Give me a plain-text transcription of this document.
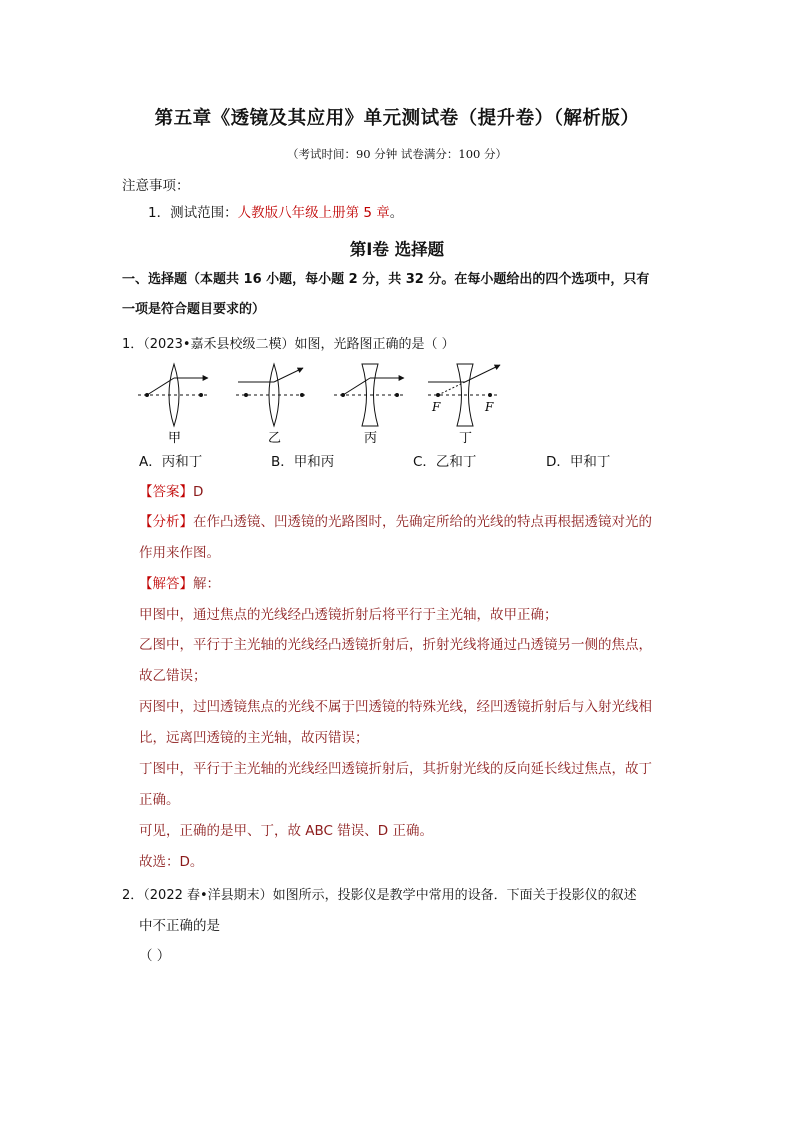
第五章《透镜及其应用》单元测试卷（提升卷）（解析版）
（考试时间：90 分钟 试卷满分：100 分）
注意事项：
1．测试范围：人教版八年级上册第 5 章。
第Ⅰ卷 选择题
一、选择题（本题共 16 小题，每小题 2 分，共 32 分。在每小题给出的四个选项中，只有
一项是符合题目要求的）
1．（2023•嘉禾县校级二模）如图，光路图正确的是（ ）
F	F
甲	乙	丙	丁
A．丙和丁	B．甲和丙	C．乙和丁	D．甲和丁
【答案】D
【分析】在作凸透镜、凹透镜的光路图时，先确定所给的光线的特点再根据透镜对光的
作用来作图。
【解答】解：
甲图中，通过焦点的光线经凸透镜折射后将平行于主光轴，故甲正确；
乙图中，平行于主光轴的光线经凸透镜折射后，折射光线将通过凸透镜另一侧的焦点，
故乙错误；
丙图中，过凹透镜焦点的光线不属于凹透镜的特殊光线，经凹透镜折射后与入射光线相
比，远离凹透镜的主光轴，故丙错误；
丁图中，平行于主光轴的光线经凹透镜折射后，其折射光线的反向延长线过焦点，故丁
正确。
可见，正确的是甲、丁，故 ABC 错误、D 正确。
故选：D。
2．（2022 春•洋县期末）如图所示，投影仪是教学中常用的设备．下面关于投影仪的叙述
中不正确的是
（ ）
